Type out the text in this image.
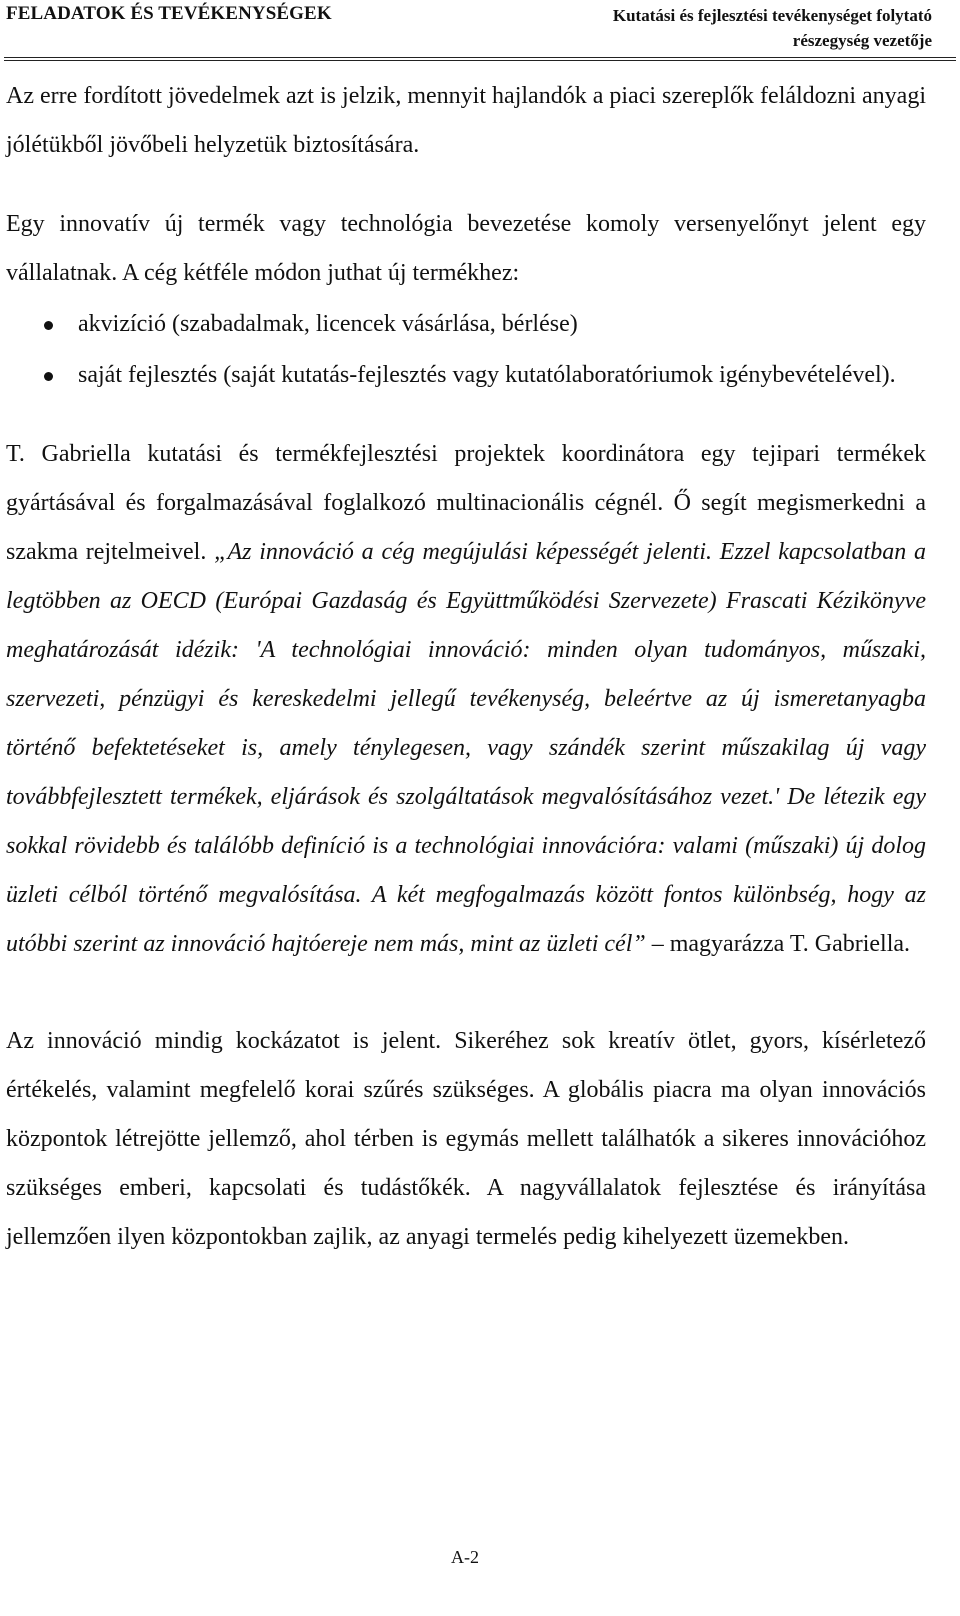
FELADATOK ÉS TEVÉKENYSÉGEK	Kutatási és fejlesztési tevékenységet folytató
részegység vezetője

Az erre fordított jövedelmek azt is jelzik, mennyit hajlandók a piaci szereplők feláldozni anyagi jólétükből jövőbeli helyzetük biztosítására.

Egy innovatív új termék vagy technológia bevezetése komoly versenyelőnyt jelent egy vállalatnak. A cég kétféle módon juthat új termékhez:

akvizíció (szabadalmak, licencek vásárlása, bérlése)
saját fejlesztés (saját kutatás-fejlesztés vagy kutatólaboratóriumok igénybevételével).

T. Gabriella kutatási és termékfejlesztési projektek koordinátora egy tejipari termékek gyártásával és forgalmazásával foglalkozó multinacionális cégnél. Ő segít megismerkedni a szakma rejtelmeivel. „Az innováció a cég megújulási képességét jelenti. Ezzel kapcsolatban a legtöbben az OECD (Európai Gazdaság és Együttműködési Szervezete) Frascati Kézikönyve meghatározását idézik: 'A technológiai innováció: minden olyan tudományos, műszaki, szervezeti, pénzügyi és kereskedelmi jellegű tevékenység, beleértve az új ismeretanyagba történő befektetéseket is, amely ténylegesen, vagy szándék szerint műszakilag új vagy továbbfejlesztett termékek, eljárások és szolgáltatások megvalósításához vezet.' De létezik egy sokkal rövidebb és találóbb definíció is a technológiai innovációra: valami (műszaki) új dolog üzleti célból történő megvalósítása. A két megfogalmazás között fontos különbség, hogy az utóbbi szerint az innováció hajtóereje nem más, mint az üzleti cél” – magyarázza T. Gabriella.

Az innováció mindig kockázatot is jelent. Sikeréhez sok kreatív ötlet, gyors, kísérletező értékelés, valamint megfelelő korai szűrés szükséges. A globális piacra ma olyan innovációs központok létrejötte jellemző, ahol térben is egymás mellett találhatók a sikeres innovációhoz szükséges emberi, kapcsolati és tudástőkék. A nagyvállalatok fejlesztése és irányítása jellemzően ilyen központokban zajlik, az anyagi termelés pedig kihelyezett üzemekben.

A-2
